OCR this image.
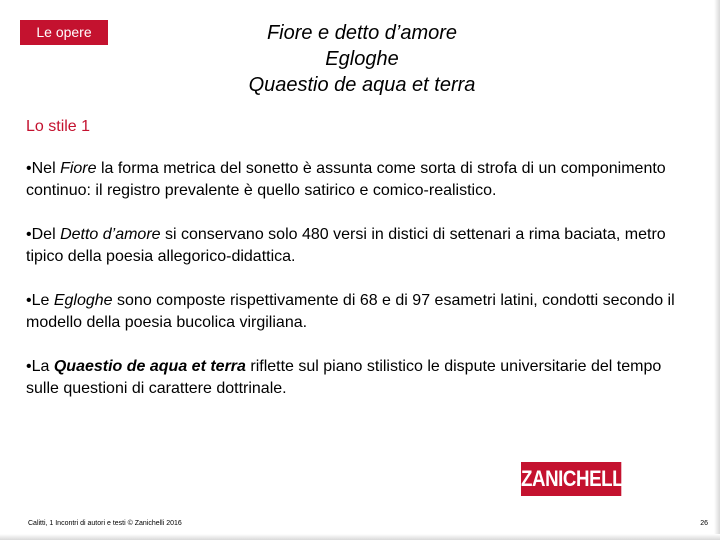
Le opere	Fiore e detto d’amore
Egloghe
Quaestio de aqua et terra
Lo stile 1
•Nel Fiore la forma metrica del sonetto è assunta come sorta di strofa di un componimento continuo: il registro prevalente è quello satirico e comico-realistico.
•Del Detto d’amore si conservano solo 480 versi in distici di settenari a rima baciata, metro tipico della poesia allegorico-didattica.
•Le Egloghe sono composte rispettivamente di 68 e di 97 esametri latini, condotti secondo il modello della poesia bucolica virgiliana.
•La Quaestio de aqua et terra riflette sul piano stilistico le dispute universitarie del tempo sulle questioni di carattere dottrinale.
ZANICHELLI
Calitti, 1 Incontri di autori e testi © Zanichelli 2016	26
